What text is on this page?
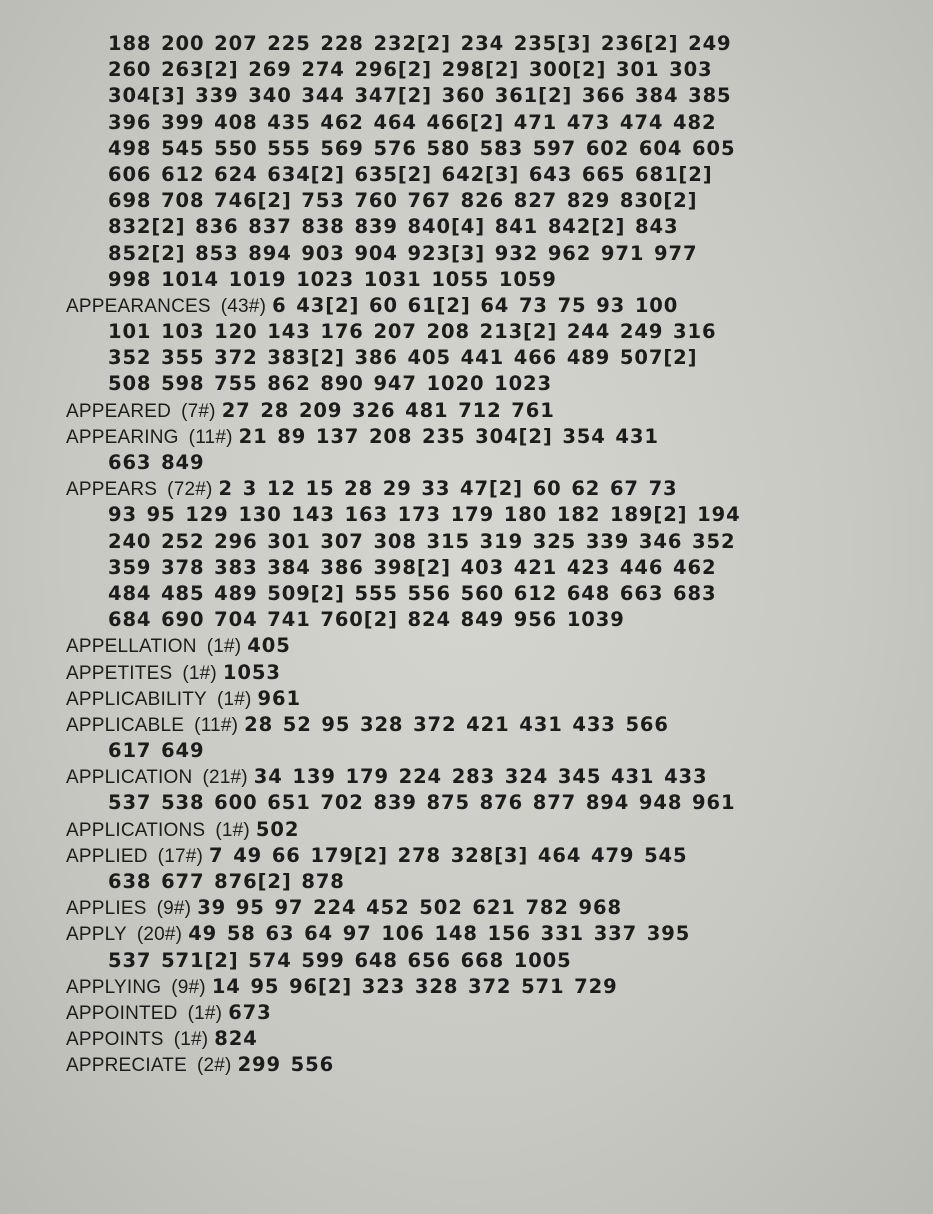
188 200 207 225 228 232[2] 234 235[3] 236[2] 249
260 263[2] 269 274 296[2] 298[2] 300[2] 301 303
304[3] 339 340 344 347[2] 360 361[2] 366 384 385
396 399 408 435 462 464 466[2] 471 473 474 482
498 545 550 555 569 576 580 583 597 602 604 605
606 612 624 634[2] 635[2] 642[3] 643 665 681[2]
698 708 746[2] 753 760 767 826 827 829 830[2]
832[2] 836 837 838 839 840[4] 841 842[2] 843
852[2] 853 894 903 904 923[3] 932 962 971 977
998 1014 1019 1023 1031 1055 1059
APPEARANCES (43#) 6 43[2] 60 61[2] 64 73 75 93 100
101 103 120 143 176 207 208 213[2] 244 249 316
352 355 372 383[2] 386 405 441 466 489 507[2]
508 598 755 862 890 947 1020 1023
APPEARED (7#) 27 28 209 326 481 712 761
APPEARING (11#) 21 89 137 208 235 304[2] 354 431
663 849
APPEARS (72#) 2 3 12 15 28 29 33 47[2] 60 62 67 73
93 95 129 130 143 163 173 179 180 182 189[2] 194
240 252 296 301 307 308 315 319 325 339 346 352
359 378 383 384 386 398[2] 403 421 423 446 462
484 485 489 509[2] 555 556 560 612 648 663 683
684 690 704 741 760[2] 824 849 956 1039
APPELLATION (1#) 405
APPETITES (1#) 1053
APPLICABILITY (1#) 961
APPLICABLE (11#) 28 52 95 328 372 421 431 433 566
617 649
APPLICATION (21#) 34 139 179 224 283 324 345 431 433
537 538 600 651 702 839 875 876 877 894 948 961
APPLICATIONS (1#) 502
APPLIED (17#) 7 49 66 179[2] 278 328[3] 464 479 545
638 677 876[2] 878
APPLIES (9#) 39 95 97 224 452 502 621 782 968
APPLY (20#) 49 58 63 64 97 106 148 156 331 337 395
537 571[2] 574 599 648 656 668 1005
APPLYING (9#) 14 95 96[2] 323 328 372 571 729
APPOINTED (1#) 673
APPOINTS (1#) 824
APPRECIATE (2#) 299 556
